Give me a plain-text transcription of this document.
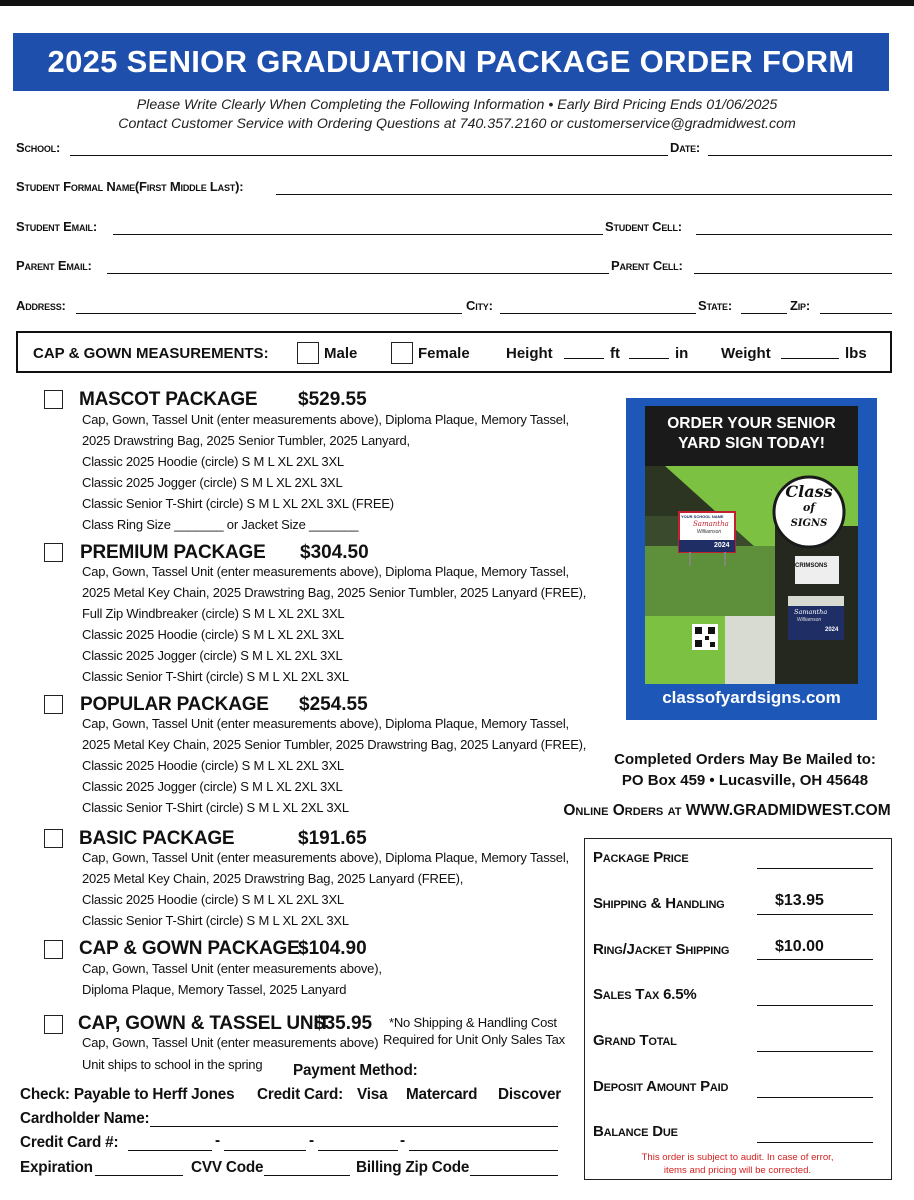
2025 SENIOR GRADUATION PACKAGE ORDER FORM
Please Write Clearly When Completing the Following Information • Early Bird Pricing Ends 01/06/2025
Contact Customer Service with Ordering Questions at 740.357.2160 or customerservice@gradmidwest.com
School:	Date:
Student Formal Name(First Middle Last):
Student Email:	Student Cell:
Parent Email:	Parent Cell:
Address:	City:	State:	Zip:
CAP & GOWN MEASUREMENTS:	Male	Female Height	ft	in Weight	lbs
MASCOT PACKAGE $529.55
Cap, Gown, Tassel Unit (enter measurements above), Diploma Plaque, Memory Tassel,
2025 Drawstring Bag, 2025 Senior Tumbler, 2025 Lanyard,
Classic 2025 Hoodie (circle) S M L XL 2XL 3XL
Classic 2025 Jogger (circle) S M L XL 2XL 3XL
Classic Senior T-Shirt (circle) S M L XL 2XL 3XL (FREE)
Class Ring Size _______ or Jacket Size _______
PREMIUM PACKAGE $304.50
Cap, Gown, Tassel Unit (enter measurements above), Diploma Plaque, Memory Tassel,
2025 Metal Key Chain, 2025 Drawstring Bag, 2025 Senior Tumbler, 2025 Lanyard (FREE),
Full Zip Windbreaker (circle) S M L XL 2XL 3XL
Classic 2025 Hoodie (circle) S M L XL 2XL 3XL
Classic 2025 Jogger (circle) S M L XL 2XL 3XL
Classic Senior T-Shirt (circle) S M L XL 2XL 3XL
POPULAR PACKAGE $254.55
Cap, Gown, Tassel Unit (enter measurements above), Diploma Plaque, Memory Tassel,
2025 Metal Key Chain, 2025 Senior Tumbler, 2025 Drawstring Bag, 2025 Lanyard (FREE),
Classic 2025 Hoodie (circle) S M L XL 2XL 3XL
Classic 2025 Jogger (circle) S M L XL 2XL 3XL
Classic Senior T-Shirt (circle) S M L XL 2XL 3XL
BASIC PACKAGE	$191.65
Cap, Gown, Tassel Unit (enter measurements above), Diploma Plaque, Memory Tassel,
2025 Metal Key Chain, 2025 Drawstring Bag, 2025 Lanyard (FREE),
Classic 2025 Hoodie (circle) S M L XL 2XL 3XL
Classic Senior T-Shirt (circle) S M L XL 2XL 3XL
CAP & GOWN PACKAGE
$104.90
Cap, Gown, Tassel Unit (enter measurements above),
Diploma Plaque, Memory Tassel, 2025 Lanyard
CAP, GOWN & TASSEL UNIT
$35.95 *No Shipping & Handling Cost
Required for Unit Only Sales Tax
Cap, Gown, Tassel Unit (enter measurements above)
Unit ships to school in the spring
ORDER YOUR SENIOR
YARD SIGN TODAY!
Class
of
SIGNS
YOUR SCHOOL NAME
Samantha
Williamson
2024
CRIMSONS
Samantha
Williamson
2024
classofyardsigns.com
Completed Orders May Be Mailed to:
PO Box 459 • Lucasville, OH 45648
Online Orders at WWW.GRADMIDWEST.COM
Package Price
Shipping & Handling	$13.95
Ring/Jacket Shipping	$10.00
Sales Tax 6.5%
Grand Total
Deposit Amount Paid
Balance Due
This order is subject to audit. In case of error,
items and pricing will be corrected.
Payment Method:
Check: Payable to Herff Jones Credit Card: Visa Matercard Discover
Cardholder Name:
Credit Card #:	-	-	-
Expiration	CVV Code	Billing Zip Code
